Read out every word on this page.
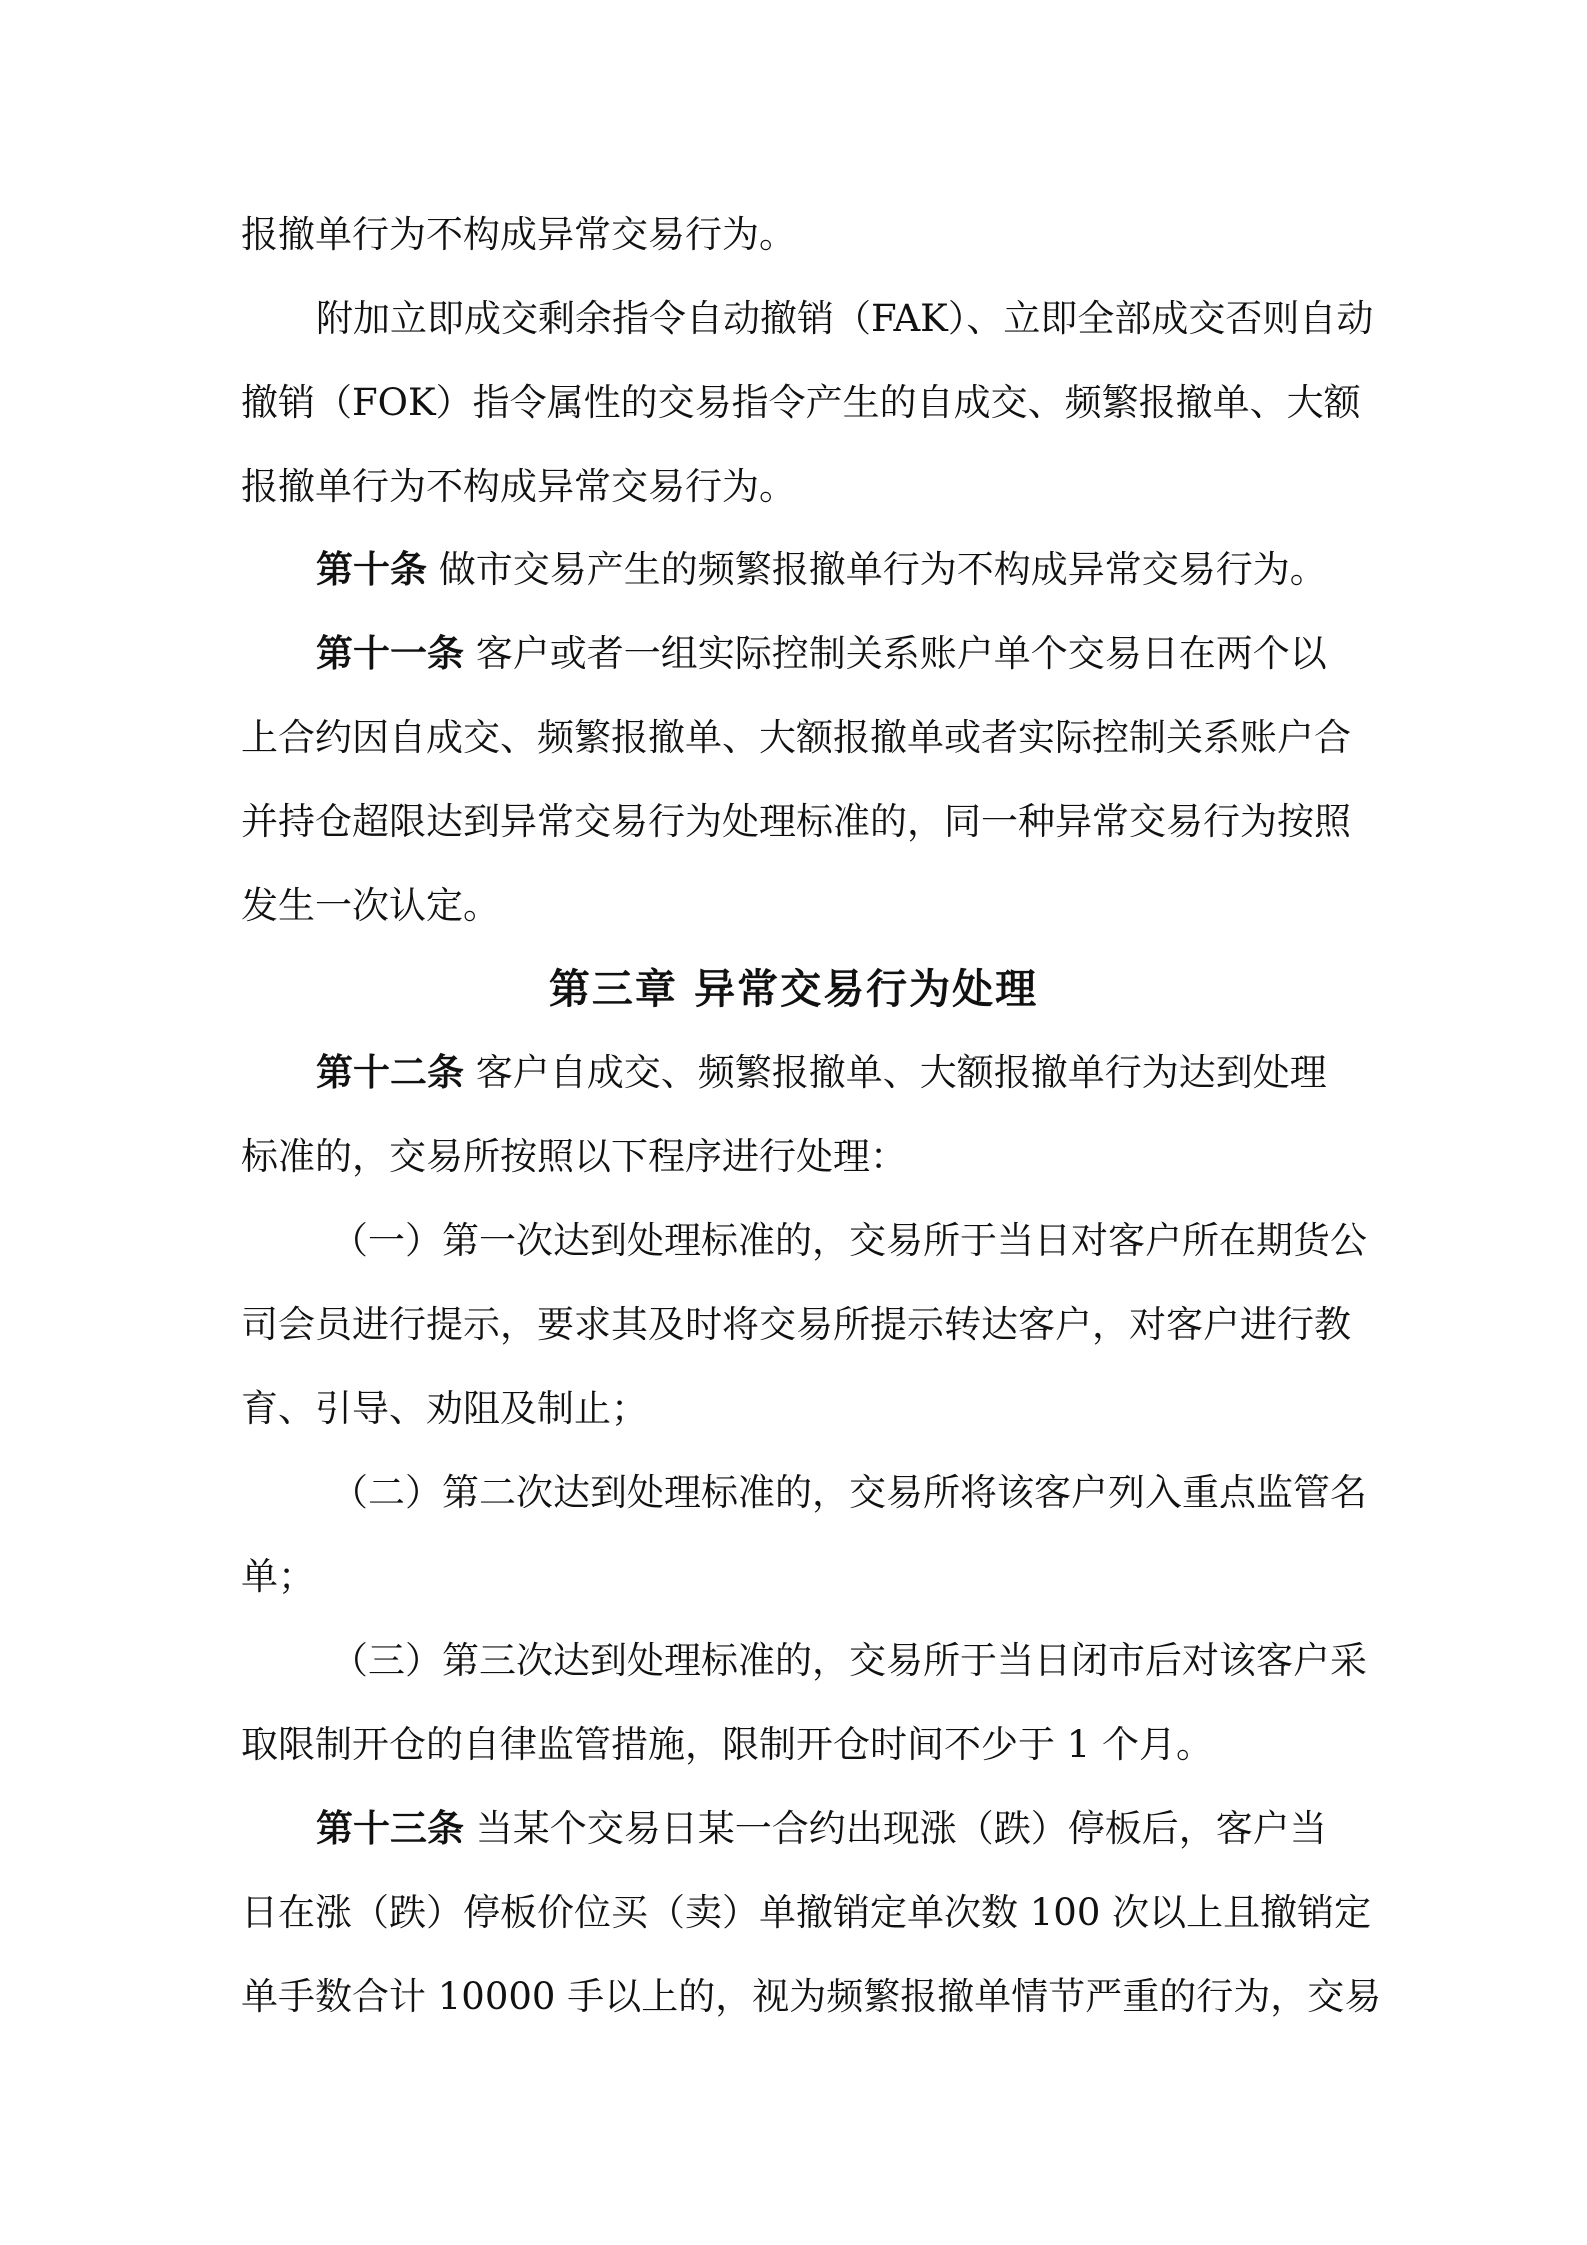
报撤单行为不构成异常交易行为。
附加立即成交剩余指令自动撤销（FAK）、立即全部成交否则自动
撤销（FOK）指令属性的交易指令产生的自成交、频繁报撤单、大额
报撤单行为不构成异常交易行为。
第十条 做市交易产生的频繁报撤单行为不构成异常交易行为。
第十一条 客户或者一组实际控制关系账户单个交易日在两个以
上合约因自成交、频繁报撤单、大额报撤单或者实际控制关系账户合
并持仓超限达到异常交易行为处理标准的，同一种异常交易行为按照
发生一次认定。
第三章 异常交易行为处理
第十二条 客户自成交、频繁报撤单、大额报撤单行为达到处理
标准的，交易所按照以下程序进行处理：
（一）第一次达到处理标准的，交易所于当日对客户所在期货公
司会员进行提示，要求其及时将交易所提示转达客户，对客户进行教
育、引导、劝阻及制止；
（二）第二次达到处理标准的，交易所将该客户列入重点监管名
单；
（三）第三次达到处理标准的，交易所于当日闭市后对该客户采
取限制开仓的自律监管措施，限制开仓时间不少于 1 个月。
第十三条 当某个交易日某一合约出现涨（跌）停板后，客户当
日在涨（跌）停板价位买（卖）单撤销定单次数 100 次以上且撤销定
单手数合计 10000 手以上的，视为频繁报撤单情节严重的行为，交易
